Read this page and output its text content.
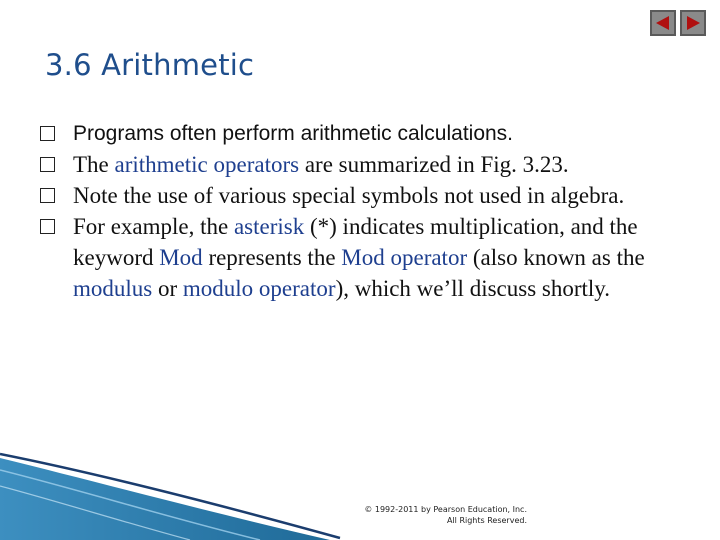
3.6 Arithmetic
Programs often perform arithmetic calculations.
The arithmetic operators are summarized in Fig. 3.23.
Note the use of various special symbols not used in algebra.
For example, the asterisk (*) indicates multiplication, and the keyword Mod represents the Mod operator (also known as the modulus or modulo operator), which we’ll discuss shortly.
© 1992-2011 by Pearson Education, Inc.
All Rights Reserved.
